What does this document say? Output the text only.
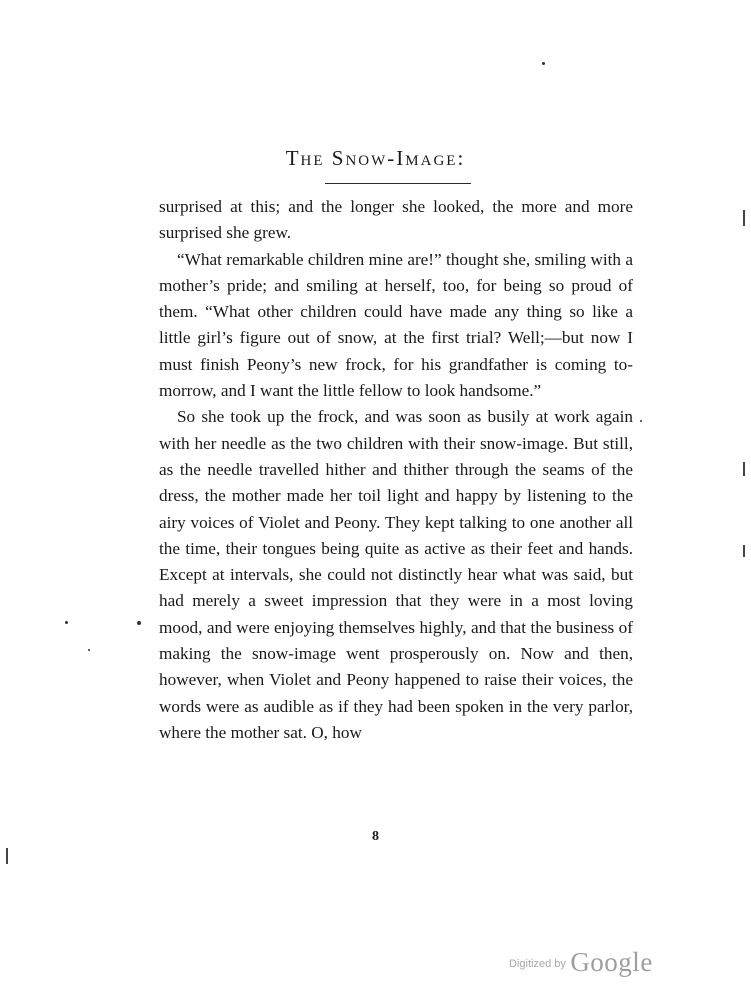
The Snow-Image:

surprised at this; and the longer she looked, the more and more surprised she grew.

“What remarkable children mine are!” thought she, smiling with a mother’s pride; and smiling at herself, too, for being so proud of them. “What other children could have made any thing so like a little girl’s figure out of snow, at the first trial? Well;—but now I must finish Peony’s new frock, for his grandfather is coming to-morrow, and I want the little fellow to look handsome.”

So she took up the frock, and was soon as busily at work again with her needle as the two children with their snow-image. But still, as the needle travelled hither and thither through the seams of the dress, the mother made her toil light and happy by listening to the airy voices of Violet and Peony. They kept talking to one another all the time, their tongues being quite as active as their feet and hands. Except at intervals, she could not distinctly hear what was said, but had merely a sweet impression that they were in a most loving mood, and were enjoying themselves highly, and that the business of making the snow-image went prosperously on. Now and then, however, when Violet and Peony happened to raise their voices, the words were as audible as if they had been spoken in the very parlor, where the mother sat. O, how

8
$^{Digitized by}$ Google
